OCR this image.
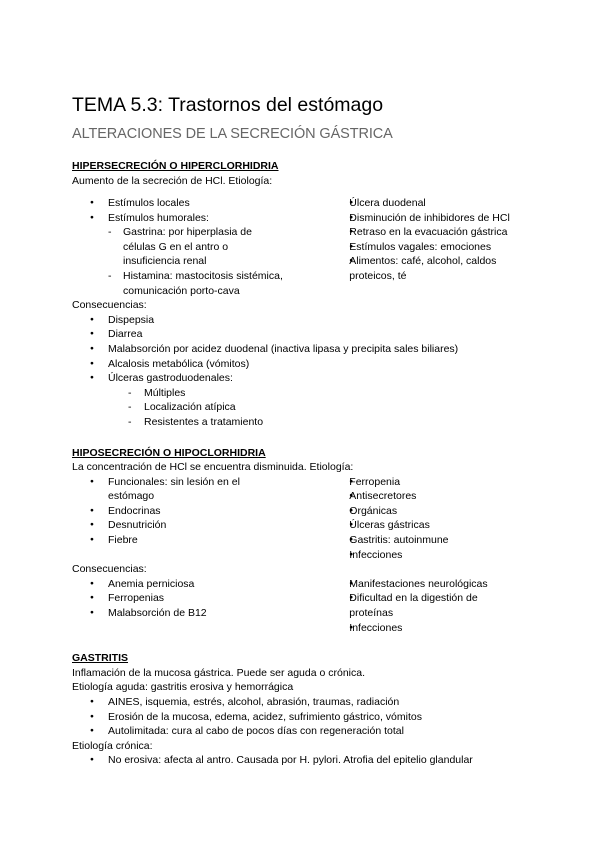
TEMA 5.3: Trastornos del estómago
ALTERACIONES DE LA SECRECIÓN GÁSTRICA

HIPERSECRECIÓN O HIPERCLORHIDRIA

Aumento de la secreción de HCl. Etiología:

● Estímulos locales
● Estímulos humorales:
- Gastrina: por hiperplasia de células G en el antro o insuficiencia renal
- Histamina: mastocitosis sistémica, comunicación porto-cava
● Úlcera duodenal
● Disminución de inhibidores de HCl
● Retraso en la evacuación gástrica
● Estímulos vagales: emociones
● Alimentos: café, alcohol, caldos proteicos, té

Consecuencias:

● Dispepsia
● Diarrea
● Malabsorción por acidez duodenal (inactiva lipasa y precipita sales biliares)
● Alcalosis metabólica (vómitos)
● Úlceras gastroduodenales:
- Múltiples
- Localización atípica
- Resistentes a tratamiento

HIPOSECRECIÓN O HIPOCLORHIDRIA

La concentración de HCl se encuentra disminuida. Etiología:

● Funcionales: sin lesión en el estómago
● Endocrinas
● Desnutrición
● Fiebre
● Ferropenia
● Antisecretores
● Orgánicas
● Úlceras gástricas
● Gastritis: autoinmune
● Infecciones

Consecuencias:

● Anemia perniciosa
● Ferropenias
● Malabsorción de B12
● Manifestaciones neurológicas
● Dificultad en la digestión de proteínas
● Infecciones

GASTRITIS

Inflamación de la mucosa gástrica. Puede ser aguda o crónica.

Etiología aguda: gastritis erosiva y hemorrágica

● AINES, isquemia, estrés, alcohol, abrasión, traumas, radiación
● Erosión de la mucosa, edema, acidez, sufrimiento gástrico, vómitos
● Autolimitada: cura al cabo de pocos días con regeneración total

Etiología crónica:

● No erosiva: afecta al antro. Causada por H. pylori. Atrofia del epitelio glandular
